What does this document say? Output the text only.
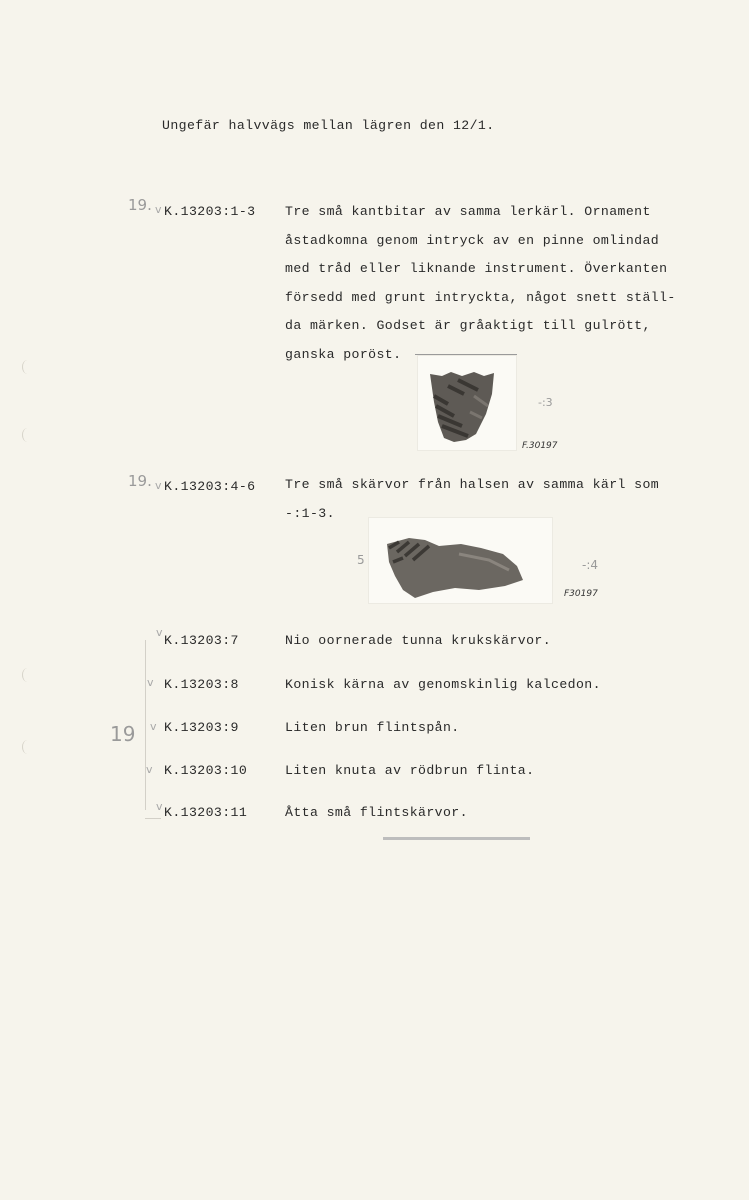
Ungefär halvvägs mellan lägren den 12/1.
19. v K.13203:1-3 Tre små kantbitar av samma lerkärl. Ornament
åstadkomna genom intryck av en pinne omlindad
med tråd eller liknande instrument. Överkanten
försedd med grunt intryckta, något snett ställ-
da märken. Godset är gråaktigt till gulrött,
ganska poröst.
-:3
F.30197
19. v K.13203:4-6 Tre små skärvor från halsen av samma kärl som
-:1-3.
5	-:4
F30197
v
K.13203:7	Nio oornerade tunna krukskärvor.
v K.13203:8	Konisk kärna av genomskinlig kalcedon.
19 v K.13203:9	Liten brun flintspån.
v K.13203:10	Liten knuta av rödbrun flinta.
v K.13203:11	Åtta små flintskärvor.
